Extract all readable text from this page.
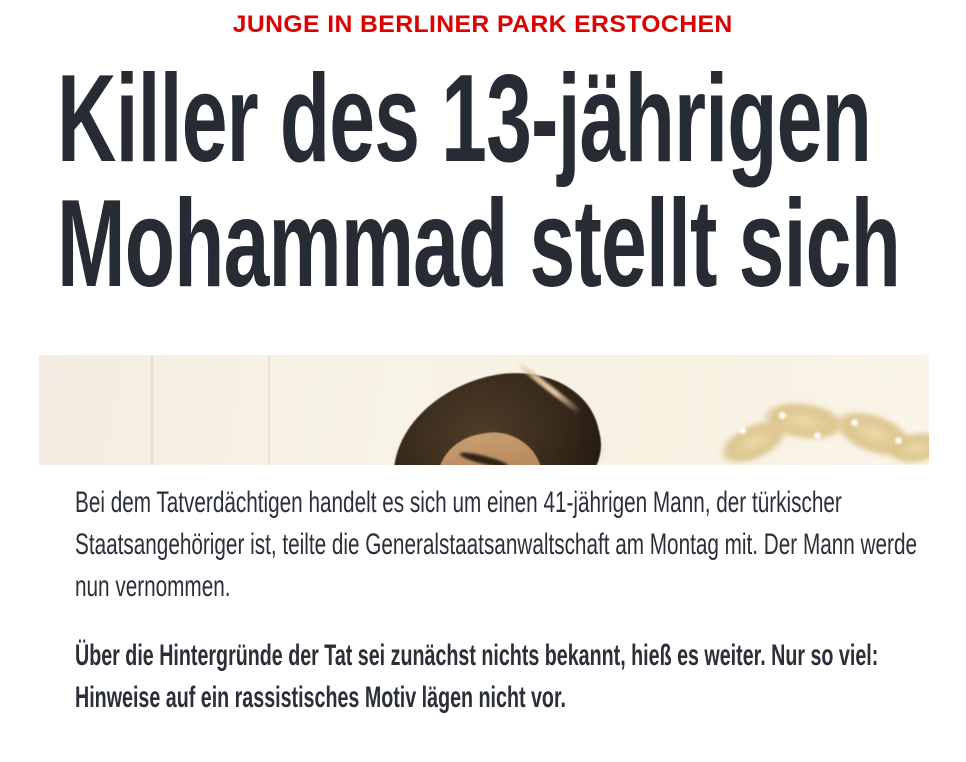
JUNGE IN BERLINER PARK ERSTOCHEN
Killer des 13-jährigen
Mohammad stellt sich

Bei dem Tatverdächtigen handelt es sich um einen 41-jährigen Mann, der türkischer
Staatsangehöriger ist, teilte die Generalstaatsanwaltschaft am Montag mit. Der Mann werde
nun vernommen.

Über die Hintergründe der Tat sei zunächst nichts bekannt, hieß es weiter. Nur so viel:
Hinweise auf ein rassistisches Motiv lägen nicht vor.
